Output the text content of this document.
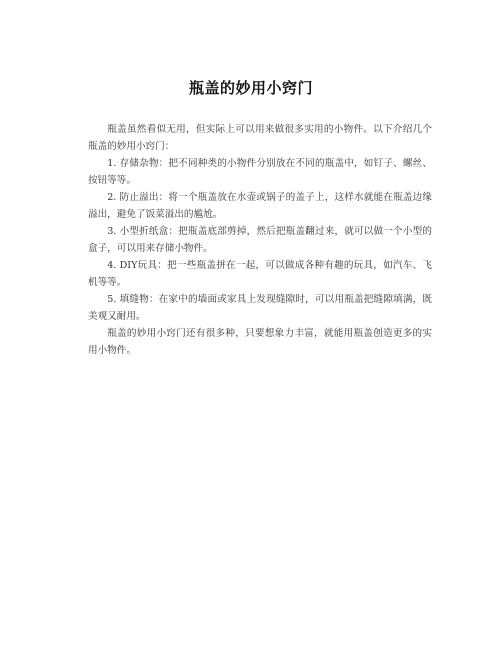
瓶盖的妙用小窍门

瓶盖虽然看似无用，但实际上可以用来做很多实用的小物件。以下介绍几个瓶盖的妙用小窍门：

1. 存储杂物：把不同种类的小物件分别放在不同的瓶盖中，如钉子、螺丝、按钮等等。

2. 防止溢出：将一个瓶盖放在水壶或锅子的盖子上，这样水就能在瓶盖边缘溢出，避免了饭菜溢出的尴尬。

3. 小型折纸盒：把瓶盖底部剪掉，然后把瓶盖翻过来，就可以做一个小型的盒子，可以用来存储小物件。

4. DIY玩具：把一些瓶盖拼在一起，可以做成各种有趣的玩具，如汽车、飞机等等。

5. 填缝物：在家中的墙面或家具上发现缝隙时，可以用瓶盖把缝隙填满，既美观又耐用。

瓶盖的妙用小窍门还有很多种，只要想象力丰富，就能用瓶盖创造更多的实用小物件。
